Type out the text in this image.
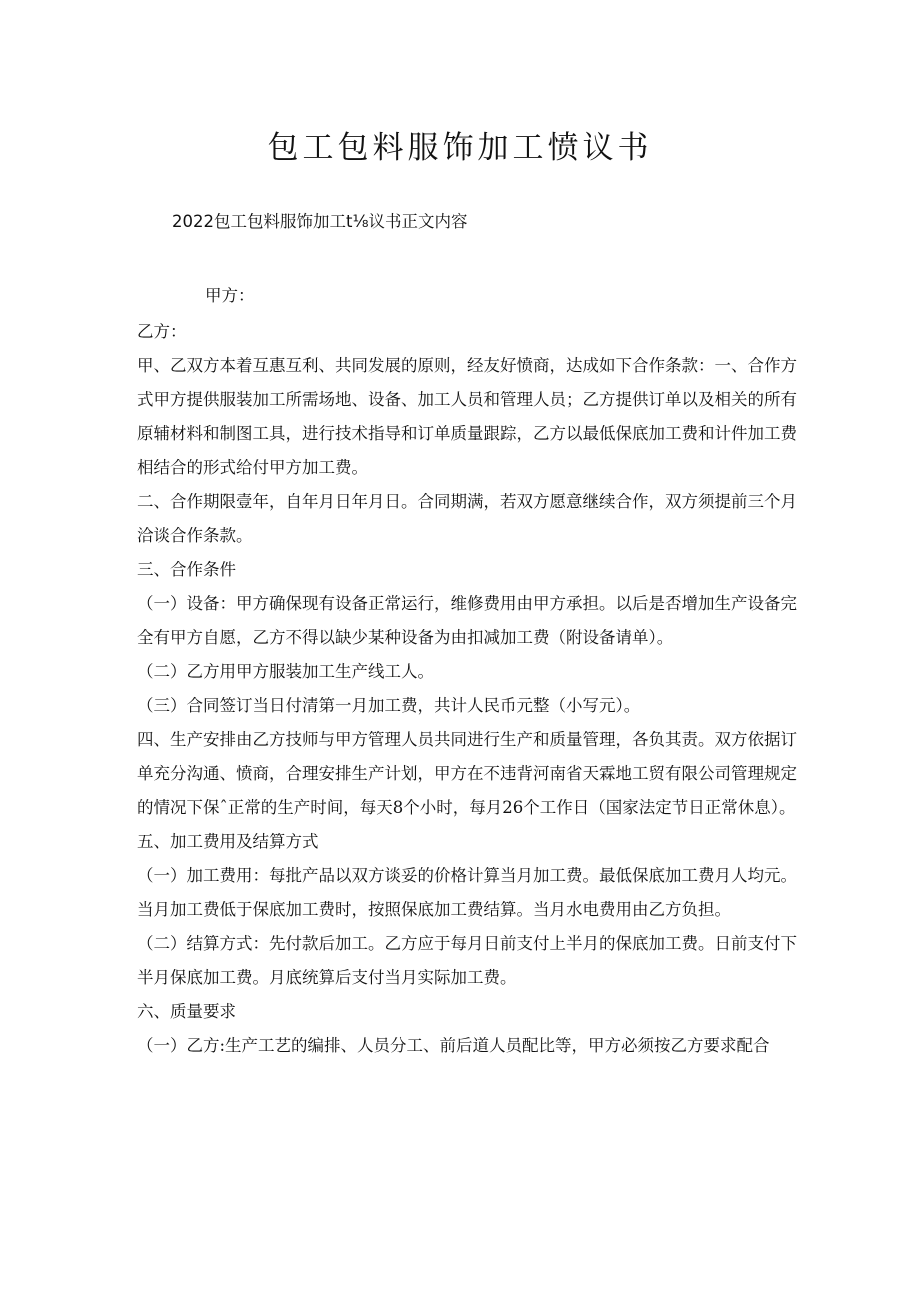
包工包料服饰加工愤议书

2022包工包料服饰加工t⅛议书正文内容

甲方：

乙方：

甲、乙双方本着互惠互利、共同发展的原则，经友好愤商，达成如下合作条款：一、合作方式甲方提供服装加工所需场地、设备、加工人员和管理人员；乙方提供订单以及相关的所有原辅材料和制图工具，进行技术指导和订单质量跟踪，乙方以最低保底加工费和计件加工费相结合的形式给付甲方加工费。

二、合作期限壹年，自年月日年月日。合同期满，若双方愿意继续合作，双方须提前三个月洽谈合作条款。

三、合作条件

（一）设备：甲方确保现有设备正常运行，维修费用由甲方承担。以后是否增加生产设备完全有甲方自愿，乙方不得以缺少某种设备为由扣减加工费（附设备请单）。

（二）乙方用甲方服装加工生产线工人。

（三）合同签订当日付清第一月加工费，共计人民币元整（小写元）。

四、生产安排由乙方技师与甲方管理人员共同进行生产和质量管理，各负其责。双方依据订单充分沟通、愤商，合理安排生产计划，甲方在不违背河南省天霖地工贸有限公司管理规定的情况下保ˆ正常的生产时间，每天8个小时，每月26个工作日（国家法定节日正常休息）。

五、加工费用及结算方式

（一）加工费用：每批产品以双方谈妥的价格计算当月加工费。最低保底加工费月人均元。当月加工费低于保底加工费时，按照保底加工费结算。当月水电费用由乙方负担。

（二）结算方式：先付款后加工。乙方应于每月日前支付上半月的保底加工费。日前支付下半月保底加工费。月底统算后支付当月实际加工费。

六、质量要求

（一）乙方:生产工艺的编排、人员分工、前后道人员配比等，甲方必须按乙方要求配合
